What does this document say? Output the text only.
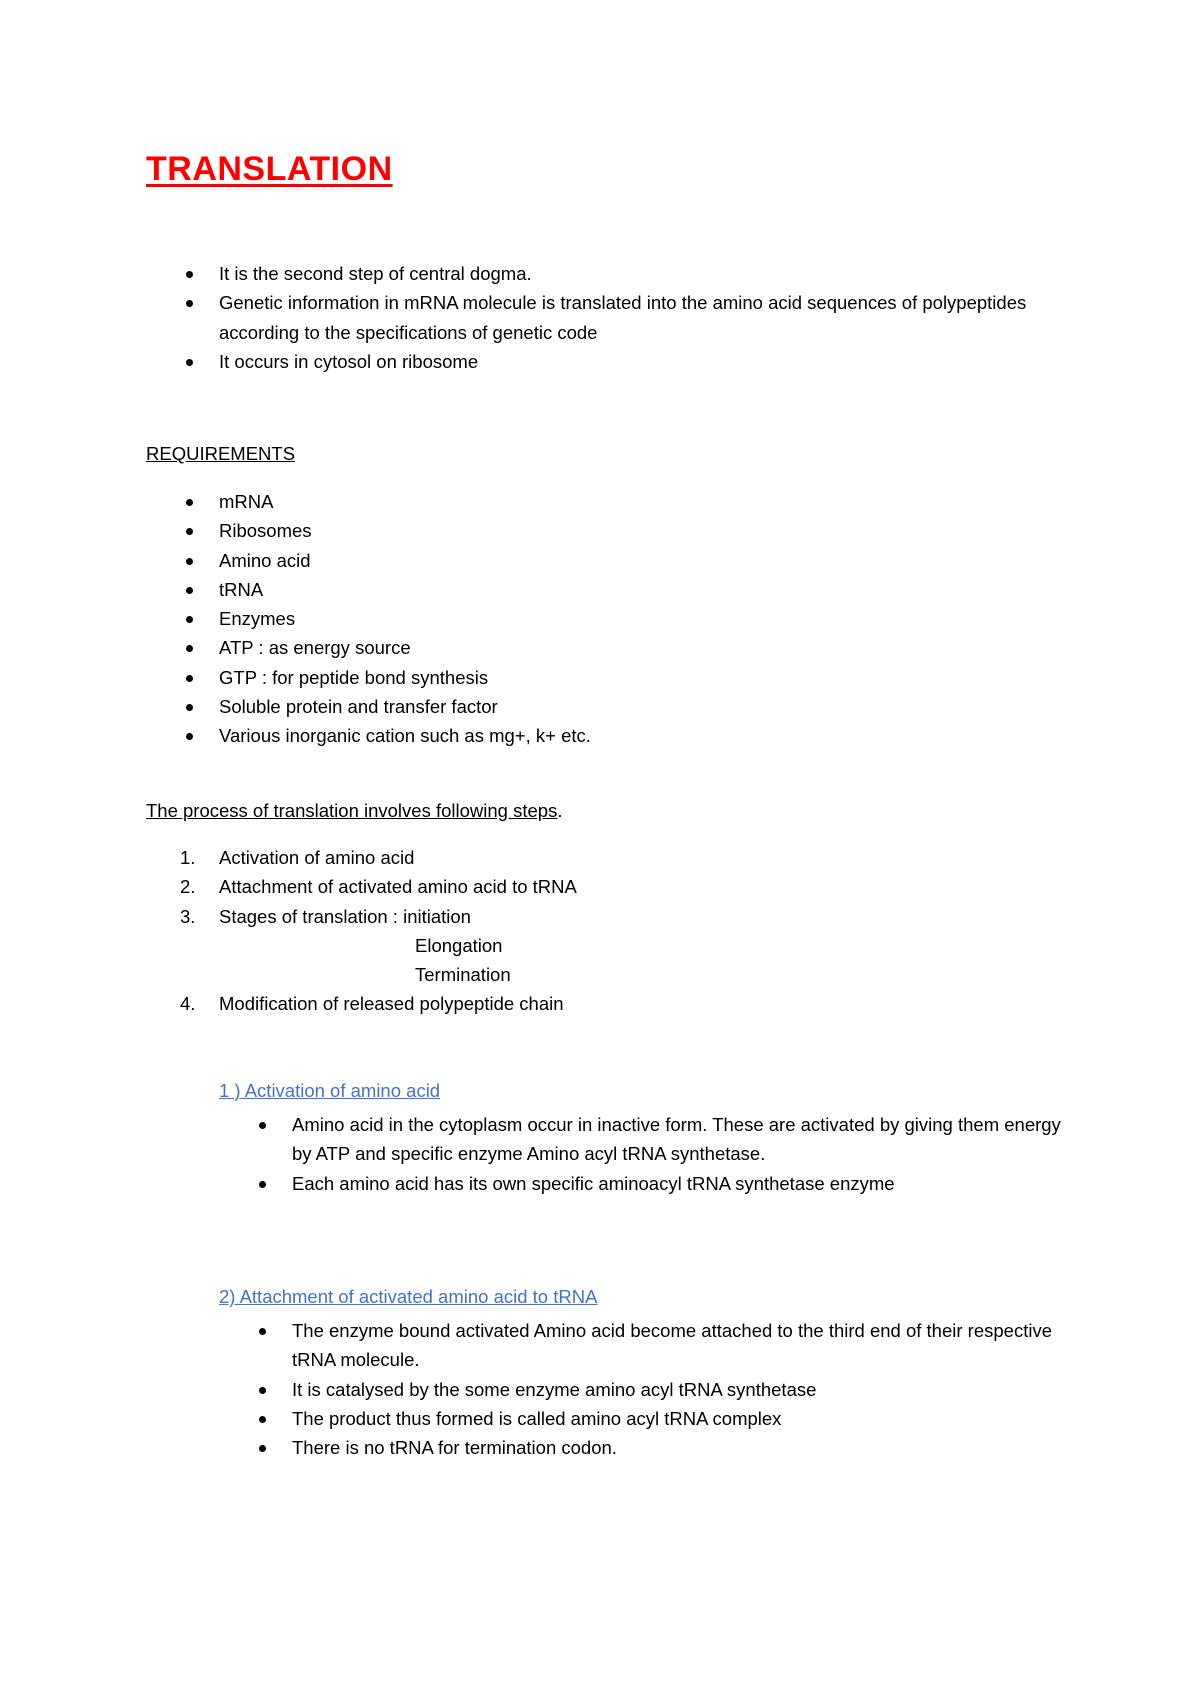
TRANSLATION
It is the second step of central dogma.
Genetic information in mRNA molecule is translated into the amino acid sequences of polypeptides according to the specifications of genetic code
It occurs in cytosol on ribosome

REQUIREMENTS

mRNA
Ribosomes
Amino acid
tRNA
Enzymes
ATP : as energy source
GTP : for peptide bond synthesis
Soluble protein and transfer factor
Various inorganic cation such as mg+, k+ etc.

The process of translation involves following steps.

1. Activation of amino acid
2. Attachment of activated amino acid to tRNA
3. Stages of translation : initiation
Elongation
Termination
4. Modification of released polypeptide chain

1 ) Activation of amino acid

Amino acid in the cytoplasm occur in inactive form. These are activated by giving them energy by ATP and specific enzyme Amino acyl tRNA synthetase.
Each amino acid has its own specific aminoacyl tRNA synthetase enzyme

2) Attachment of activated amino acid to tRNA

The enzyme bound activated Amino acid become attached to the third end of their respective tRNA molecule.
It is catalysed by the some enzyme amino acyl tRNA synthetase
The product thus formed is called amino acyl tRNA complex
There is no tRNA for termination codon.
